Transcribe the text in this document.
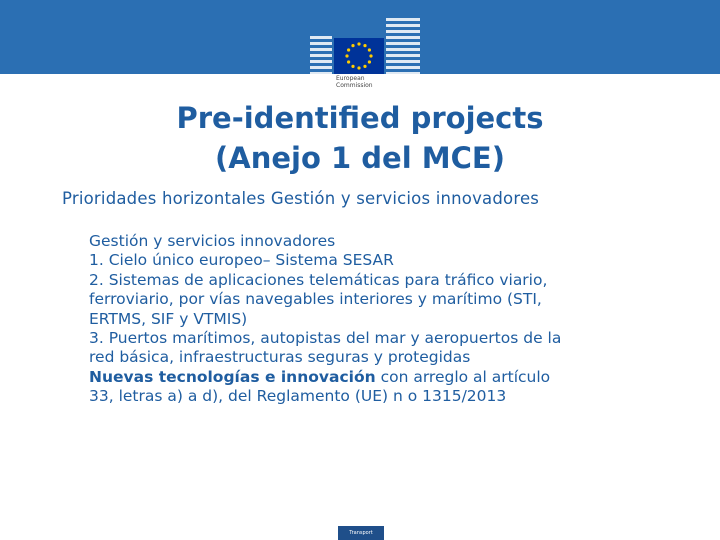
European
Commission
Pre-identified projects
(Anejo 1 del MCE)
Prioridades horizontales Gestión y servicios innovadores
Gestión y servicios innovadores
1. Cielo único europeo– Sistema SESAR
2. Sistemas de aplicaciones telemáticas para tráfico viario,
ferroviario, por vías navegables interiores y marítimo (STI,
ERTMS, SIF y VTMIS)
3. Puertos marítimos, autopistas del mar y aeropuertos de la
red básica, infraestructuras seguras y protegidas
Nuevas tecnologías e innovación con arreglo al artículo
33, letras a) a d), del Reglamento (UE) n o 1315/2013
Transport
